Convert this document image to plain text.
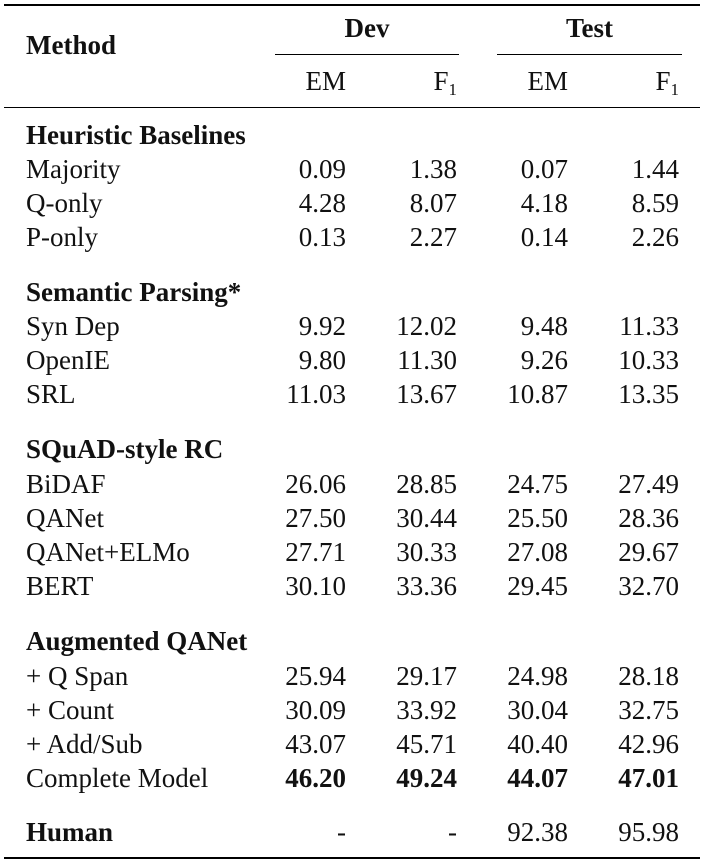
Method
Dev	Test
EM	$F_1$	EM	$F_1$
Heuristic Baselines
Majority	0.09	1.38	0.07	1.44
Q-only	4.28	8.07	4.18	8.59
P-only	0.13	2.27	0.14	2.26
Semantic Parsing*
Syn Dep	9.92	12.02	9.48	11.33
OpenIE	9.80	11.30	9.26	10.33
SRL	11.03	13.67	10.87	13.35
SQuAD-style RC
BiDAF	26.06	28.85	24.75	27.49
QANet	27.50	30.44	25.50	28.36
QANet+ELMo	27.71	30.33	27.08	29.67
BERT	30.10	33.36	29.45	32.70
Augmented QANet
+ Q Span	25.94	29.17	24.98	28.18
+ Count	30.09	33.92	30.04	32.75
+ Add/Sub	43.07	45.71	40.40	42.96
Complete Model	46.20	49.24	44.07	47.01
Human	-	-	92.38	95.98
